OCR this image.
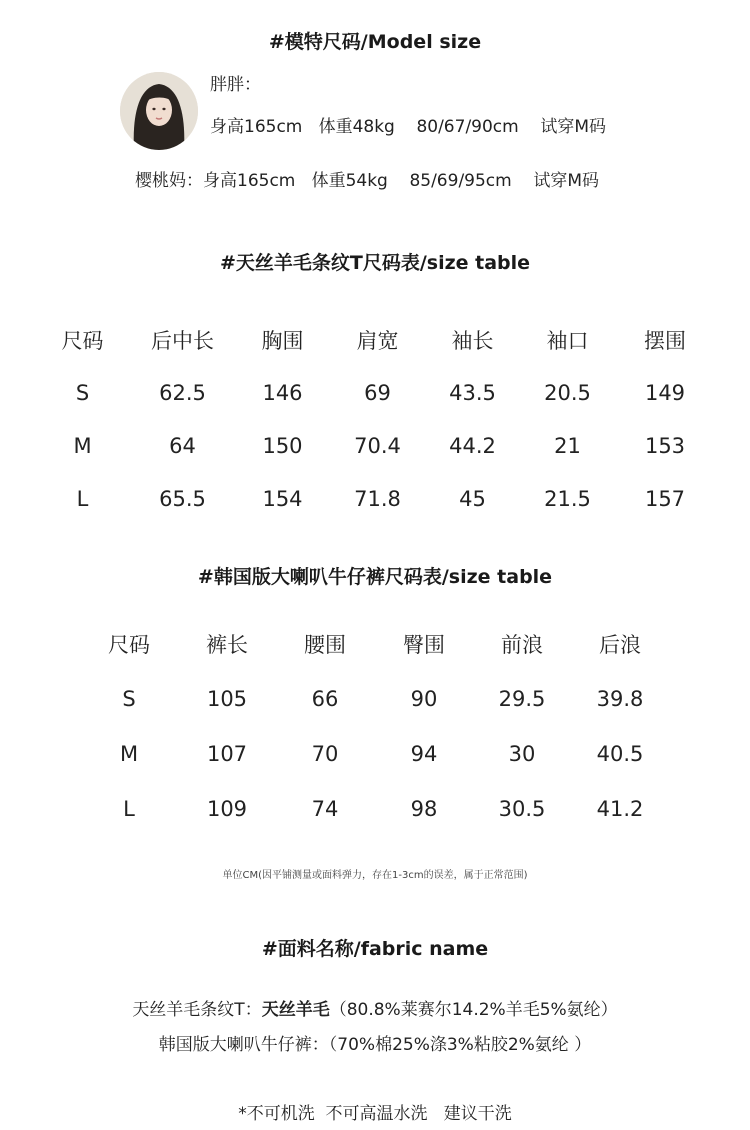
#模特尺码/Model size
胖胖：
身高165cm   体重48kg    80/67/90cm    试穿M码
樱桃妈：身高165cm   体重54kg    85/69/95cm    试穿M码
#天丝羊毛条纹T尺码表/size table
尺码	后中长	胸围	肩宽	袖长	袖口	摆围
S	62.5	146	69	43.5	20.5	149
M	64	150	70.4	44.2	21	153
L	65.5	154	71.8	45	21.5	157
#韩国版大喇叭牛仔裤尺码表/size table
尺码	裤长	腰围	臀围	前浪	后浪
S	105	66	90	29.5	39.8
M	107	70	94	30	40.5
L	109	74	98	30.5	41.2
单位CM(因平铺测量或面料弹力，存在1-3cm的误差，属于正常范围)
#面料名称/fabric name
天丝羊毛条纹T：天丝羊毛（80.8%莱赛尔14.2%羊毛5%氨纶）
韩国版大喇叭牛仔裤：（70%棉25%涤3%粘胶2%氨纶 ）
*不可机洗  不可高温水洗   建议干洗
